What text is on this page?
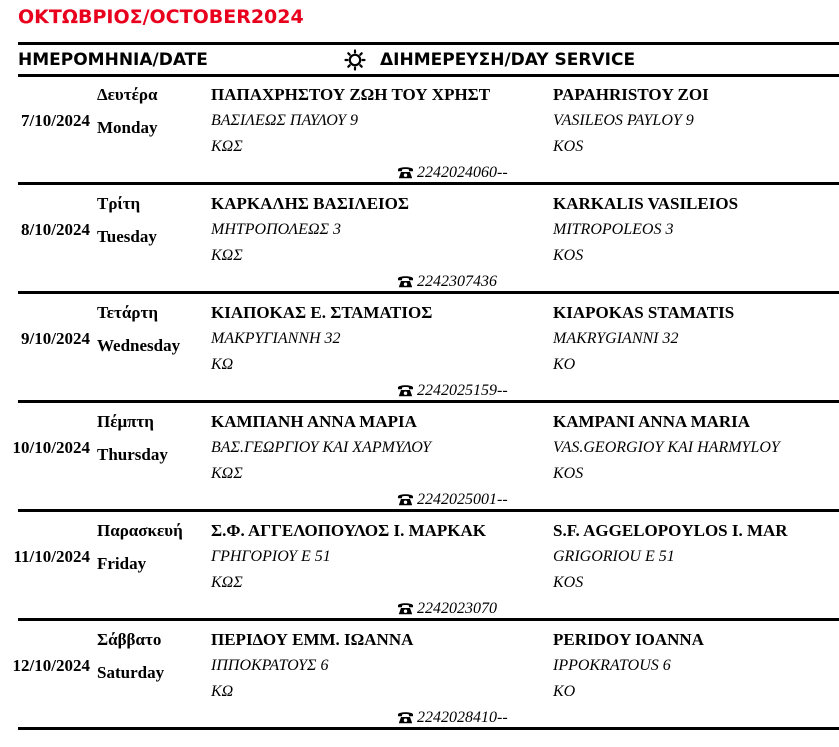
ΟΚΤΩΒΡΙΟΣ/OCTOBER2024
ΗΜΕΡΟΜΗΝΙΑ/DATE	ΔΙΗΜΕΡΕΥΣΗ/DAY SERVICE
7/10/2024
Δευτέρα
Monday
ΠΑΠΑΧΡΗΣΤΟΥ ΖΩΗ ΤΟΥ ΧΡΗΣΤ	PAPAHRISTOY ZOI
ΒΑΣΙΛΕΩΣ ΠΑΥΛΟΥ 9	VASILEOS PAYLOY 9
ΚΩΣ	KOS
2242024060--
8/10/2024
Τρίτη
Tuesday
ΚΑΡΚΑΛΗΣ ΒΑΣΙΛΕΙΟΣ	KARKALIS VASILEIOS
ΜΗΤΡΟΠΟΛΕΩΣ 3	MITROPOLEOS 3
ΚΩΣ	KOS
2242307436
9/10/2024
Τετάρτη
Wednesday
ΚΙΑΠΟΚΑΣ Ε. ΣΤΑΜΑΤΙΟΣ	KIAPOKAS STAMATIS
ΜΑΚΡΥΓΙΑΝΝΗ 32	MAKRYGIANNI 32
ΚΩ	KO
2242025159--
10/10/2024
Πέμπτη
Thursday
ΚΑΜΠΑΝΗ ΑΝΝΑ ΜΑΡΙΑ	KAMPANI ANNA MARIA
ΒΑΣ.ΓΕΩΡΓΙΟΥ ΚΑΙ ΧΑΡΜΥΛΟΥ	VAS.GEORGIOY KAI HARMYLOY
ΚΩΣ	KOS
2242025001--
11/10/2024
Παρασκευή
Friday
Σ.Φ. ΑΓΓΕΛΟΠΟΥΛΟΣ Ι. ΜΑΡΚΑΚ	S.F. AGGELOPOYLOS I. MAR
ΓΡΗΓΟΡΙΟΥ Ε 51	GRIGORIOU E 51
ΚΩΣ	KOS
2242023070
12/10/2024
Σάββατο
Saturday
ΠΕΡΙΔΟΥ ΕΜΜ. ΙΩΑΝΝΑ	PERIDOY IOANNA
ΙΠΠΟΚΡΑΤΟΥΣ 6	IPPOKRATOUS 6
ΚΩ	KO
2242028410--
